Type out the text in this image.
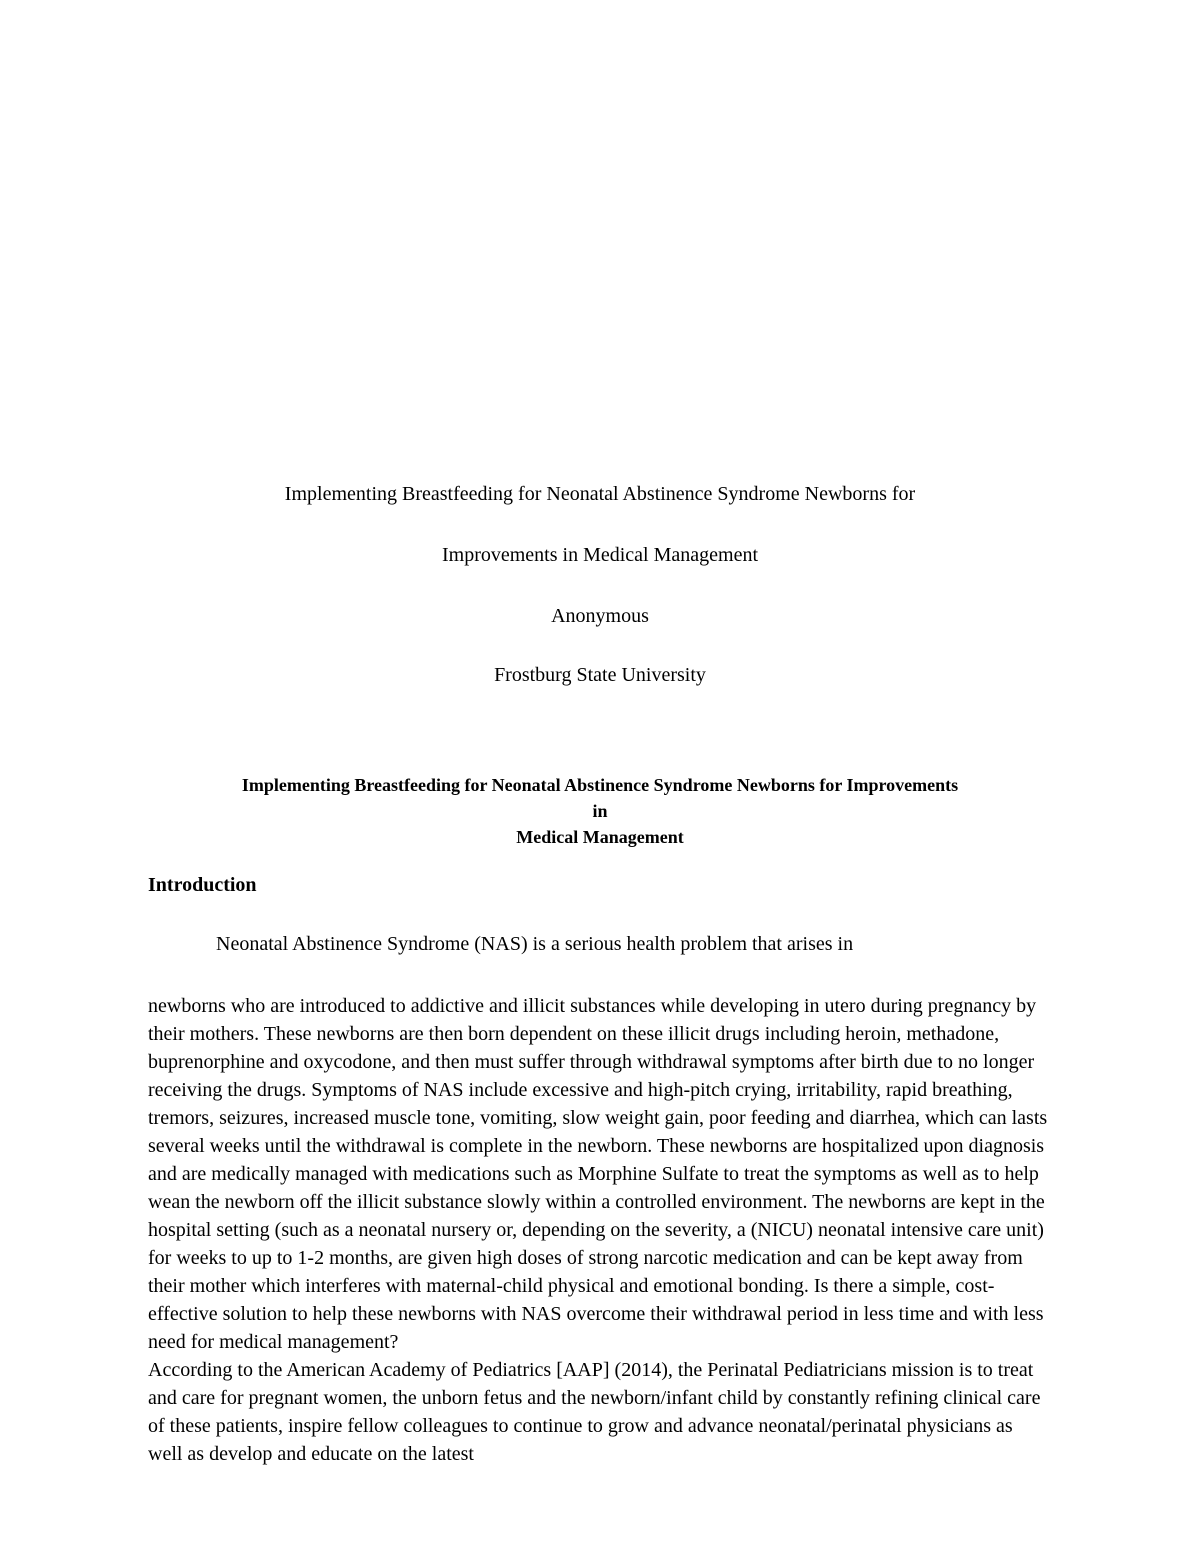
Implementing Breastfeeding for Neonatal Abstinence Syndrome Newborns for
Improvements in Medical Management
Anonymous
Frostburg State University
Implementing Breastfeeding for Neonatal Abstinence Syndrome Newborns for Improvements
in
Medical Management
Introduction
Neonatal Abstinence Syndrome (NAS) is a serious health problem that arises in

newborns who are introduced to addictive and illicit substances while developing in utero during pregnancy by their mothers. These newborns are then born dependent on these illicit drugs including heroin, methadone, buprenorphine and oxycodone, and then must suffer through withdrawal symptoms after birth due to no longer receiving the drugs. Symptoms of NAS include excessive and high-pitch crying, irritability, rapid breathing, tremors, seizures, increased muscle tone, vomiting, slow weight gain, poor feeding and diarrhea, which can lasts several weeks until the withdrawal is complete in the newborn. These newborns are hospitalized upon diagnosis and are medically managed with medications such as Morphine Sulfate to treat the symptoms as well as to help wean the newborn off the illicit substance slowly within a controlled environment. The newborns are kept in the hospital setting (such as a neonatal nursery or, depending on the severity, a (NICU) neonatal intensive care unit) for weeks to up to 1-2 months, are given high doses of strong narcotic medication and can be kept away from their mother which interferes with maternal-child physical and emotional bonding. Is there a simple, cost-effective solution to help these newborns with NAS overcome their withdrawal period in less time and with less need for medical management?

According to the American Academy of Pediatrics [AAP] (2014), the Perinatal Pediatricians mission is to treat and care for pregnant women, the unborn fetus and the newborn/infant child by constantly refining clinical care of these patients, inspire fellow colleagues to continue to grow and advance neonatal/perinatal physicians as well as develop and educate on the latest
